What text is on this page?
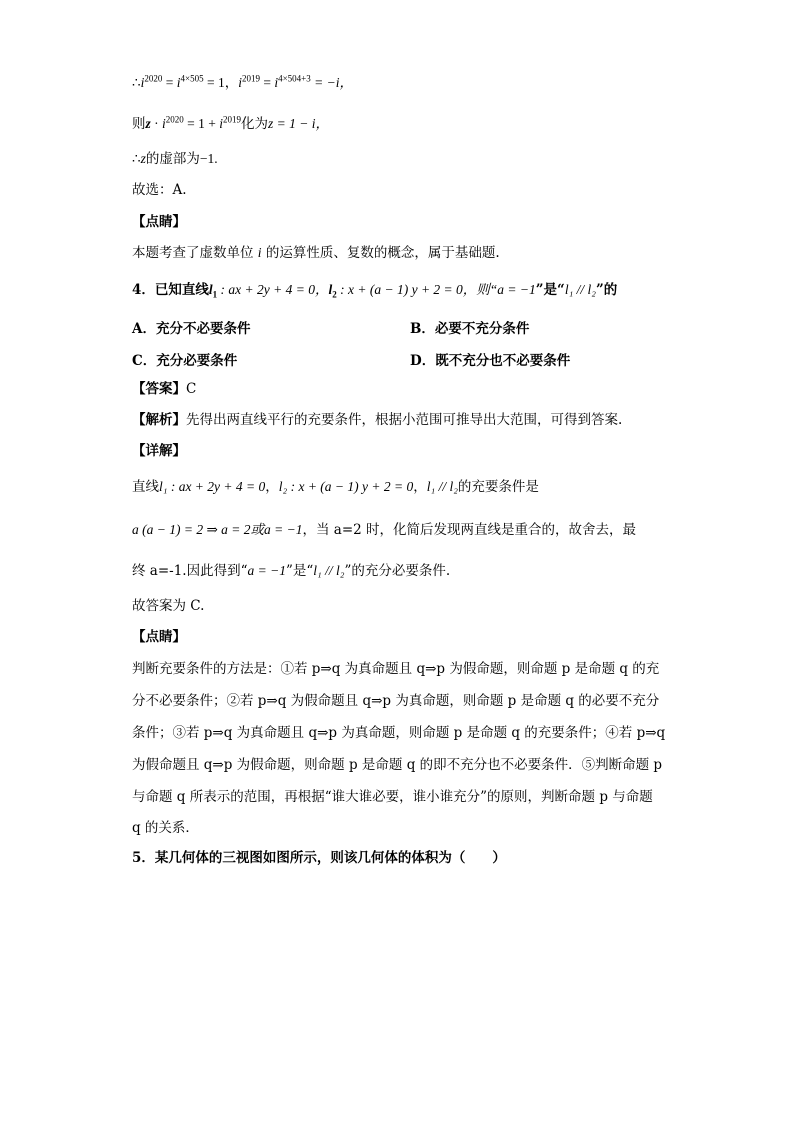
$\therefore i^{2020} = i^{4\times 505} = 1$，$i^{2019} = i^{4\times 504+3} = -i$，
则$z \cdot i^{2020} = 1 + i^{2019}$化为z = 1 − i，
∴z的虚部为−1.
故选：A.
【点睛】
本题考查了虚数单位 i 的运算性质、复数的概念，属于基础题.
4．已知直线$l_1$ : ax + 2y + 4 = 0，$l_2$ : x + (a − 1) y + 2 = 0，则“a = −1”是“l₁ // l₂”的
A．充分不必要条件	B．必要不充分条件
C．充分必要条件	D．既不充分也不必要条件
【答案】C
【解析】先得出两直线平行的充要条件，根据小范围可推导出大范围，可得到答案.
【详解】
直线l₁ : ax + 2y + 4 = 0，l₂ : x + (a − 1) y + 2 = 0，l₁ // l₂的充要条件是
a (a − 1) = 2 ⇒ a = 2或a = −1，当 a=2 时，化简后发现两直线是重合的，故舍去，最
终 a=-1.因此得到“a = −1”是“l₁ // l₂”的充分必要条件.
故答案为 C.
【点睛】
判断充要条件的方法是：①若 p⇒q 为真命题且 q⇒p 为假命题，则命题 p 是命题 q 的充
分不必要条件；②若 p⇒q 为假命题且 q⇒p 为真命题，则命题 p 是命题 q 的必要不充分
条件；③若 p⇒q 为真命题且 q⇒p 为真命题，则命题 p 是命题 q 的充要条件；④若 p⇒q
为假命题且 q⇒p 为假命题，则命题 p 是命题 q 的即不充分也不必要条件．⑤判断命题 p
与命题 q 所表示的范围，再根据“谁大谁必要，谁小谁充分”的原则，判断命题 p 与命题
q 的关系．
5．某几何体的三视图如图所示，则该几何体的体积为（　　）
